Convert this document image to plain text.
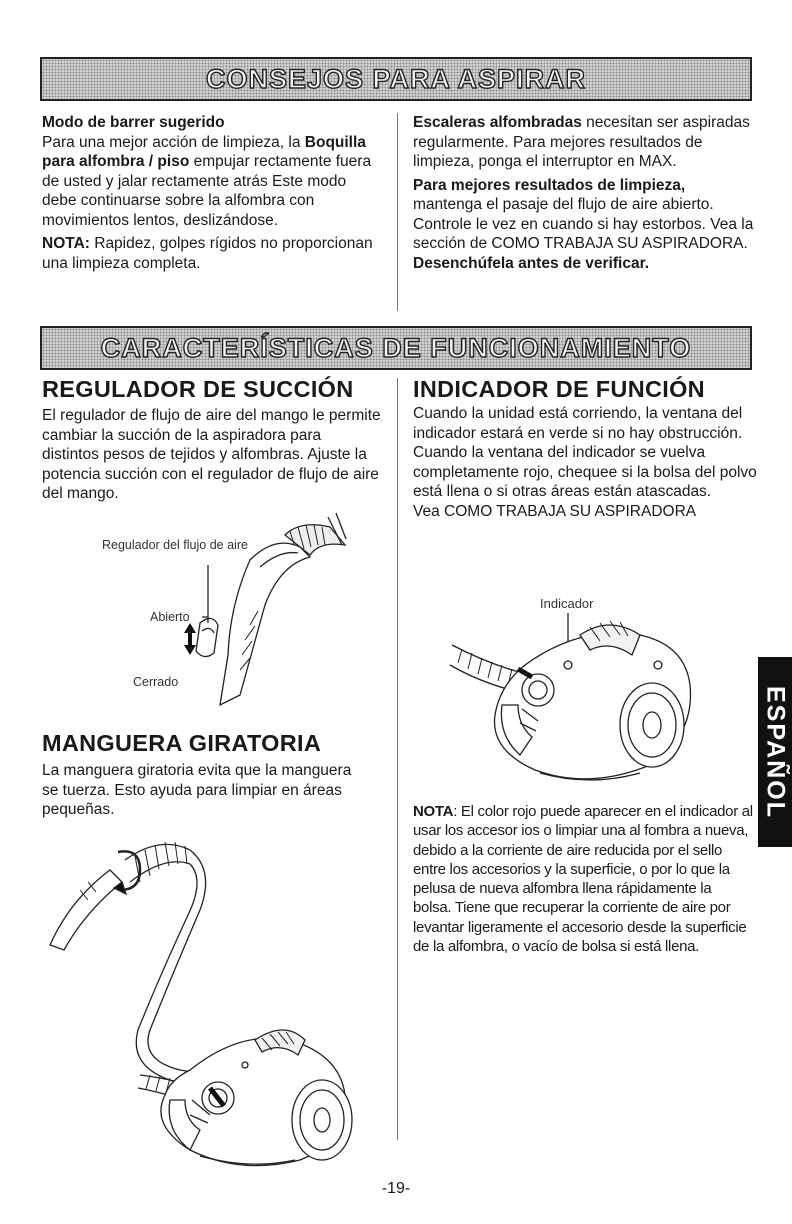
CONSEJOS PARA ASPIRAR

Modo de barrer sugerido

Para una mejor acción de limpieza, la Boquilla para alfombra / piso empujar rectamente fuera de usted y jalar rectamente atrás Este modo debe continuarse sobre la alfombra con movimientos lentos, deslizándose.

NOTA: Rapidez, golpes rígidos no proporcionan una limpieza completa.

Escaleras alfombradas necesitan ser aspiradas regularmente. Para mejores resultados de limpieza, ponga el interruptor en MAX.

Para mejores resultados de limpieza, mantenga el pasaje del flujo de aire abierto. Controle le vez en cuando si hay estorbos. Vea la sección de COMO TRABAJA SU ASPIRADORA. Desenchúfela antes de verificar.

CARACTERÍSTICAS DE FUNCIONAMIENTO
REGULADOR DE SUCCIÓN

El regulador de flujo de aire del mango le permite cambiar la succión de la aspiradora para distintos pesos de tejidos y alfombras. Ajuste la potencia succión con el regulador de flujo de aire del mango.

Regulador del flujo de aire
Abierto
Cerrado
MANGUERA GIRATORIA

La manguera giratoria evita que la manguera se tuerza. Esto ayuda para limpiar en áreas pequeñas.

INDICADOR DE FUNCIÓN

Cuando la unidad está corriendo, la ventana del indicador estará en verde si no hay obstrucción.

Cuando la ventana del indicador se vuelva completamente rojo, chequee si la bolsa del polvo está llena o si otras áreas están atascadas.

Vea COMO TRABAJA SU ASPIRADORA

Indicador

NOTA: El color rojo puede aparecer en el indicador al usar los accesor ios o limpiar una al fombra a nueva, debido a la corriente de aire reducida por el sello entre los accesorios y la superficie, o por lo que la pelusa de nueva alfombra llena rápidamente la bolsa. Tiene que recuperar la corriente de aire por levantar ligeramente el accesorio desde la superficie de la alfombra, o vacío de bolsa si está llena.

ESPAÑOL
-19-
